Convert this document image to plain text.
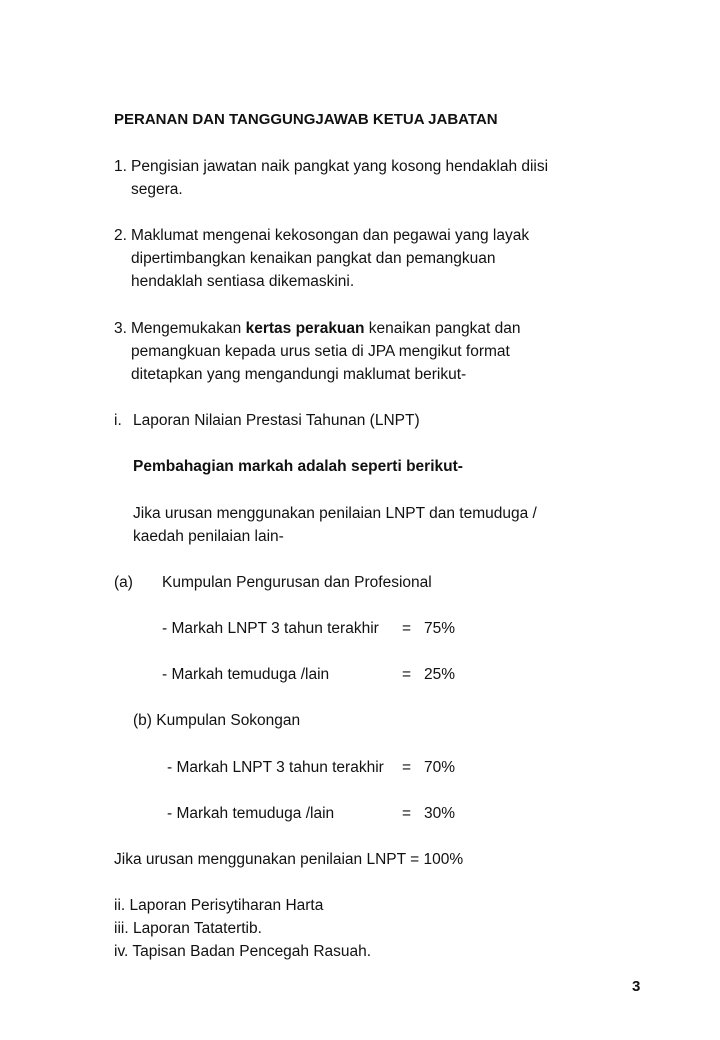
PERANAN DAN TANGGUNGJAWAB KETUA JABATAN
1. Pengisian jawatan naik pangkat yang kosong hendaklah diisi
segera.
2. Maklumat mengenai kekosongan dan pegawai yang layak
dipertimbangkan kenaikan pangkat dan pemangkuan
hendaklah sentiasa dikemaskini.
3. Mengemukakan kertas perakuan kenaikan pangkat dan
pemangkuan kepada urus setia di JPA mengikut format
ditetapkan yang mengandungi maklumat berikut-
i. Laporan Nilaian Prestasi Tahunan (LNPT)
Pembahagian markah adalah seperti berikut-
Jika urusan menggunakan penilaian LNPT dan temuduga /
kaedah penilaian lain-
(a) Kumpulan Pengurusan dan Profesional
- Markah LNPT 3 tahun terakhir = 75%
- Markah temuduga /lain	= 25%
(b) Kumpulan Sokongan
- Markah LNPT 3 tahun terakhir = 70%
- Markah temuduga /lain	= 30%
Jika urusan menggunakan penilaian LNPT = 100%
ii. Laporan Perisytiharan Harta
iii. Laporan Tatatertib.
iv. Tapisan Badan Pencegah Rasuah.
3
